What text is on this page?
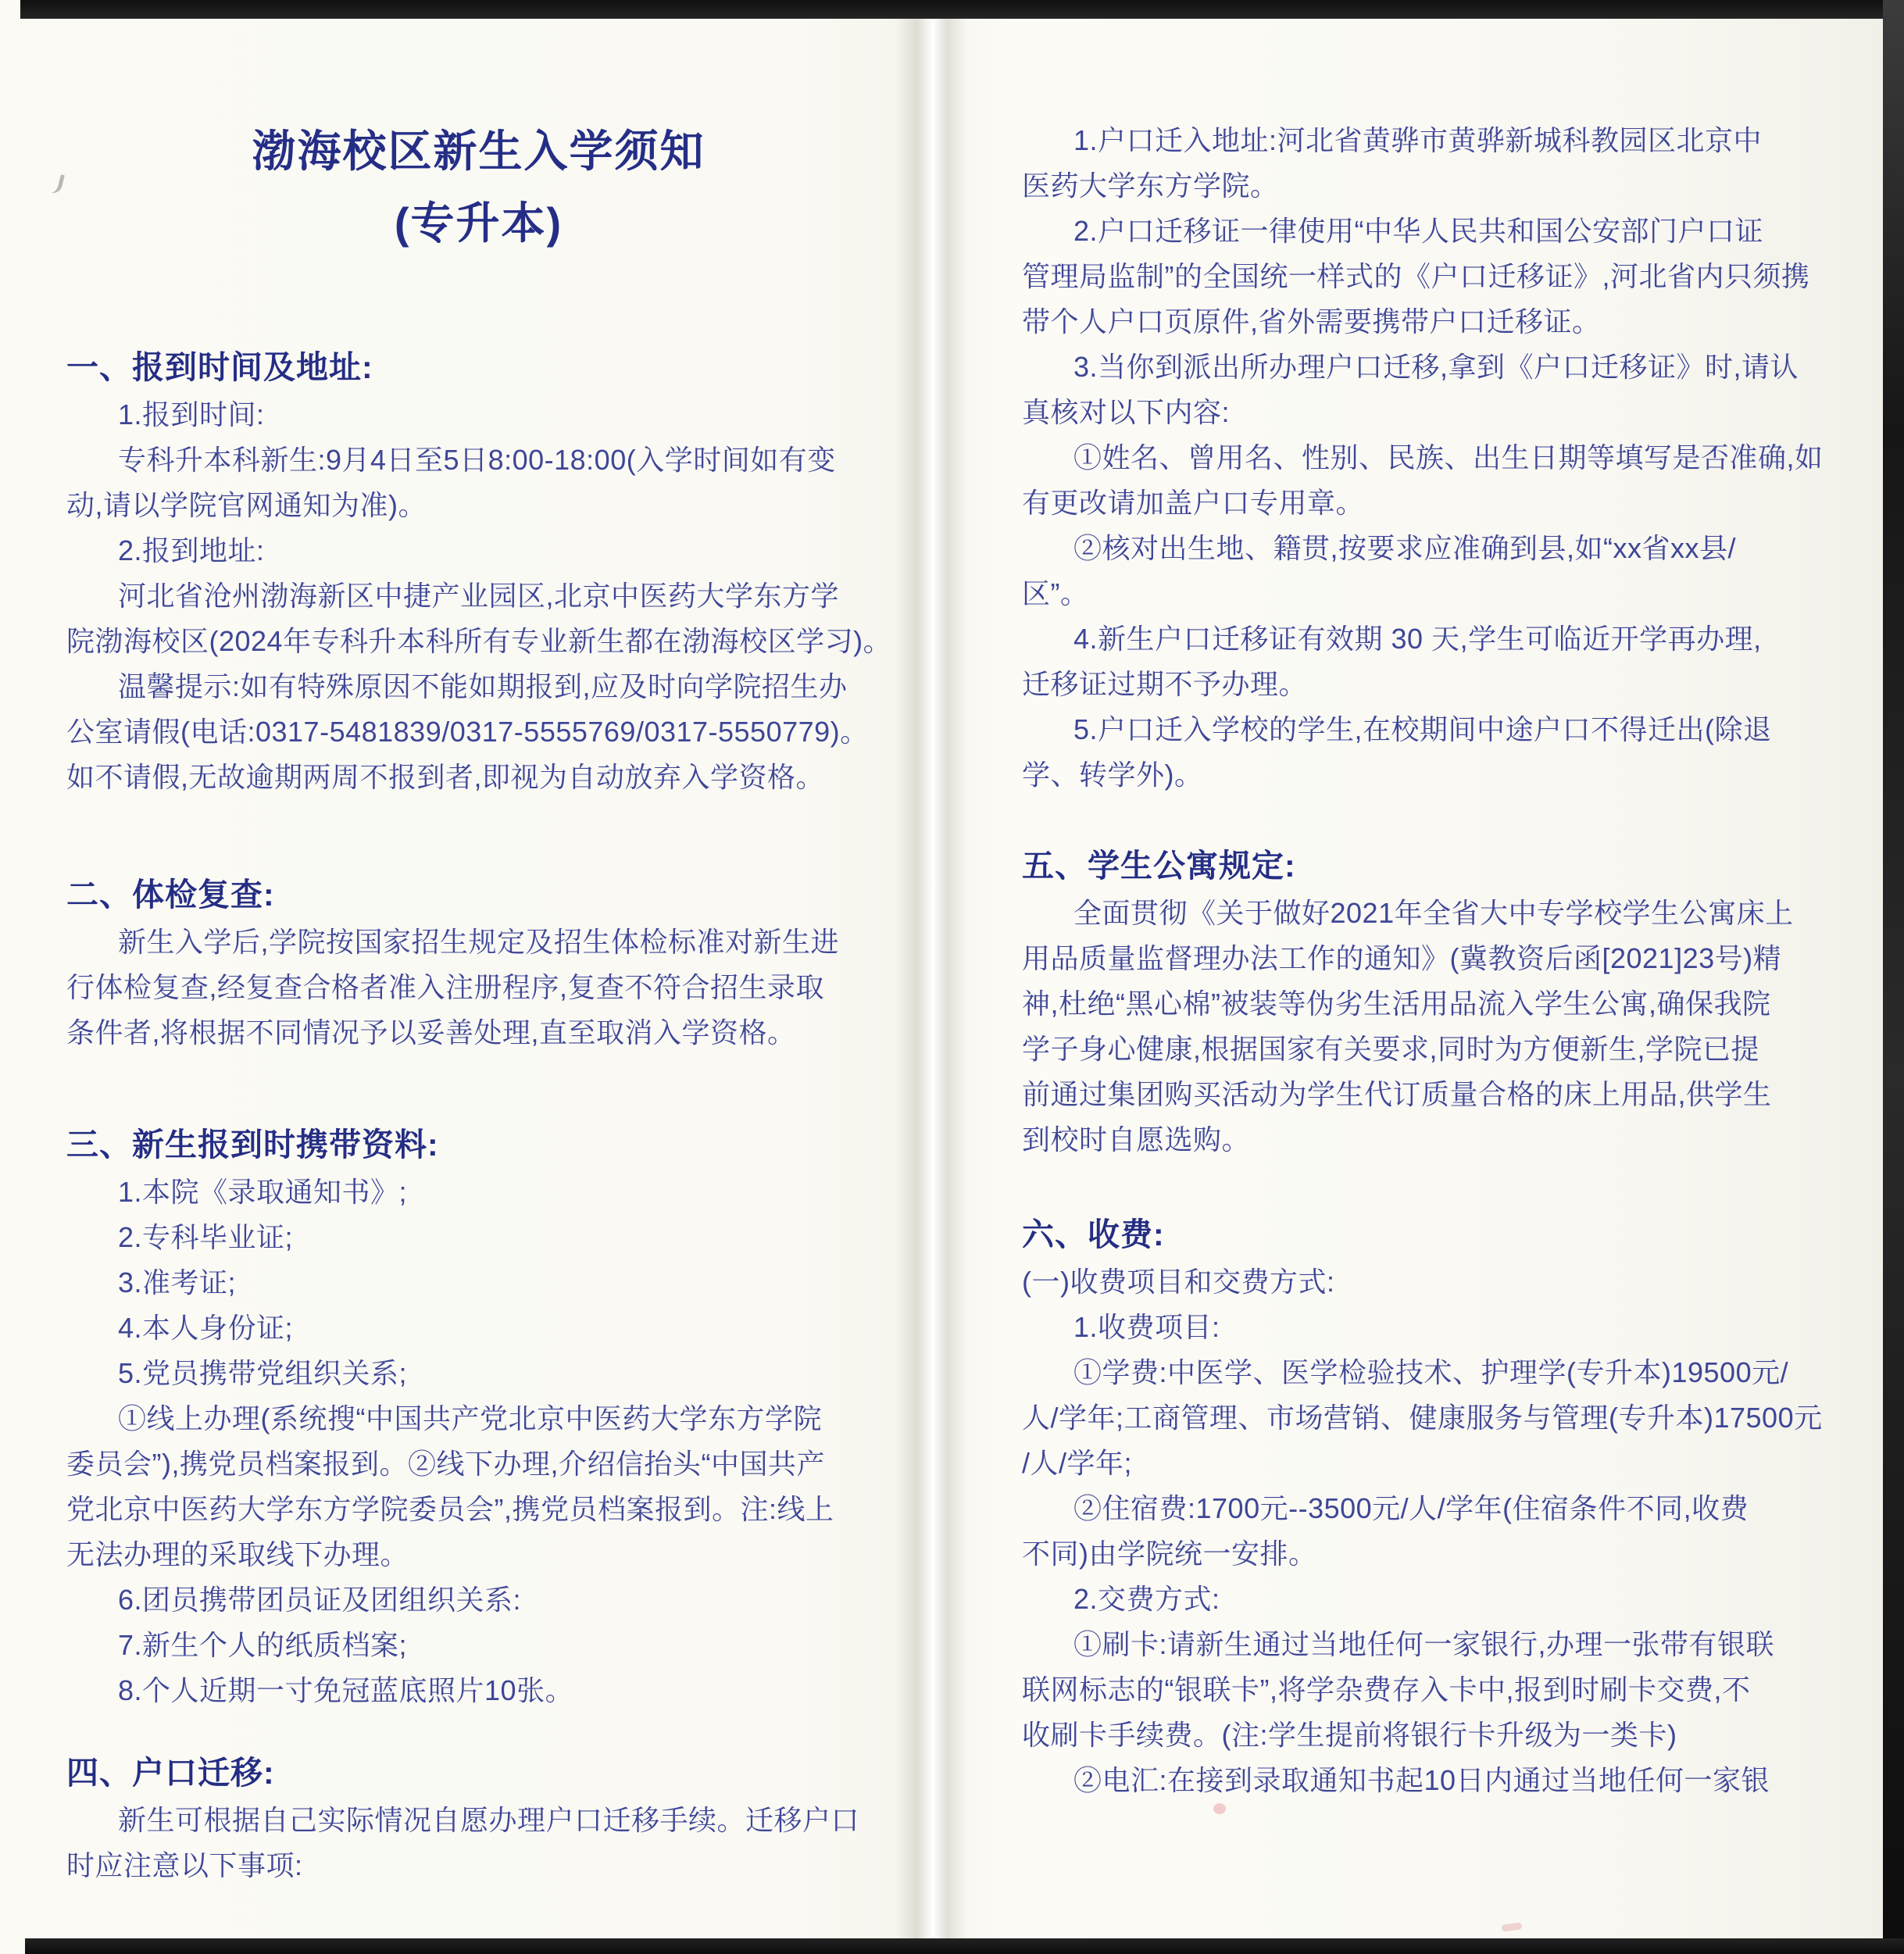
渤海校区新生入学须知
(专升本)
一、报到时间及地址:
1.报到时间:
专科升本科新生:9月4日至5日8:00-18:00(入学时间如有变
动,请以学院官网通知为准)。
2.报到地址:
河北省沧州渤海新区中捷产业园区,北京中医药大学东方学
院渤海校区(2024年专科升本科所有专业新生都在渤海校区学习)。
温馨提示:如有特殊原因不能如期报到,应及时向学院招生办
公室请假(电话:0317-5481839/0317-5555769/0317-5550779)。
如不请假,无故逾期两周不报到者,即视为自动放弃入学资格。
二、体检复查:
新生入学后,学院按国家招生规定及招生体检标准对新生进
行体检复查,经复查合格者准入注册程序,复查不符合招生录取
条件者,将根据不同情况予以妥善处理,直至取消入学资格。
三、新生报到时携带资料:
1.本院《录取通知书》;
2.专科毕业证;
3.准考证;
4.本人身份证;
5.党员携带党组织关系;
①线上办理(系统搜“中国共产党北京中医药大学东方学院
委员会”),携党员档案报到。②线下办理,介绍信抬头“中国共产
党北京中医药大学东方学院委员会”,携党员档案报到。注:线上
无法办理的采取线下办理。
6.团员携带团员证及团组织关系:
7.新生个人的纸质档案;
8.个人近期一寸免冠蓝底照片10张。
四、户口迁移:
新生可根据自己实际情况自愿办理户口迁移手续。迁移户口
时应注意以下事项:
1.户口迁入地址:河北省黄骅市黄骅新城科教园区北京中
医药大学东方学院。
2.户口迁移证一律使用“中华人民共和国公安部门户口证
管理局监制”的全国统一样式的《户口迁移证》,河北省内只须携
带个人户口页原件,省外需要携带户口迁移证。
3.当你到派出所办理户口迁移,拿到《户口迁移证》时,请认
真核对以下内容:
①姓名、曾用名、性别、民族、出生日期等填写是否准确,如
有更改请加盖户口专用章。
②核对出生地、籍贯,按要求应准确到县,如“xx省xx县/
区”。
4.新生户口迁移证有效期 30 天,学生可临近开学再办理,
迁移证过期不予办理。
5.户口迁入学校的学生,在校期间中途户口不得迁出(除退
学、转学外)。
五、学生公寓规定:
全面贯彻《关于做好2021年全省大中专学校学生公寓床上
用品质量监督理办法工作的通知》(冀教资后函[2021]23号)精
神,杜绝“黑心棉”被装等伪劣生活用品流入学生公寓,确保我院
学子身心健康,根据国家有关要求,同时为方便新生,学院已提
前通过集团购买活动为学生代订质量合格的床上用品,供学生
到校时自愿选购。
六、收费:
(一)收费项目和交费方式:
1.收费项目:
①学费:中医学、医学检验技术、护理学(专升本)19500元/
人/学年;工商管理、市场营销、健康服务与管理(专升本)17500元
/人/学年;
②住宿费:1700元--3500元/人/学年(住宿条件不同,收费
不同)由学院统一安排。
2.交费方式:
①刷卡:请新生通过当地任何一家银行,办理一张带有银联
联网标志的“银联卡”,将学杂费存入卡中,报到时刷卡交费,不
收刷卡手续费。(注:学生提前将银行卡升级为一类卡)
②电汇:在接到录取通知书起10日内通过当地任何一家银
